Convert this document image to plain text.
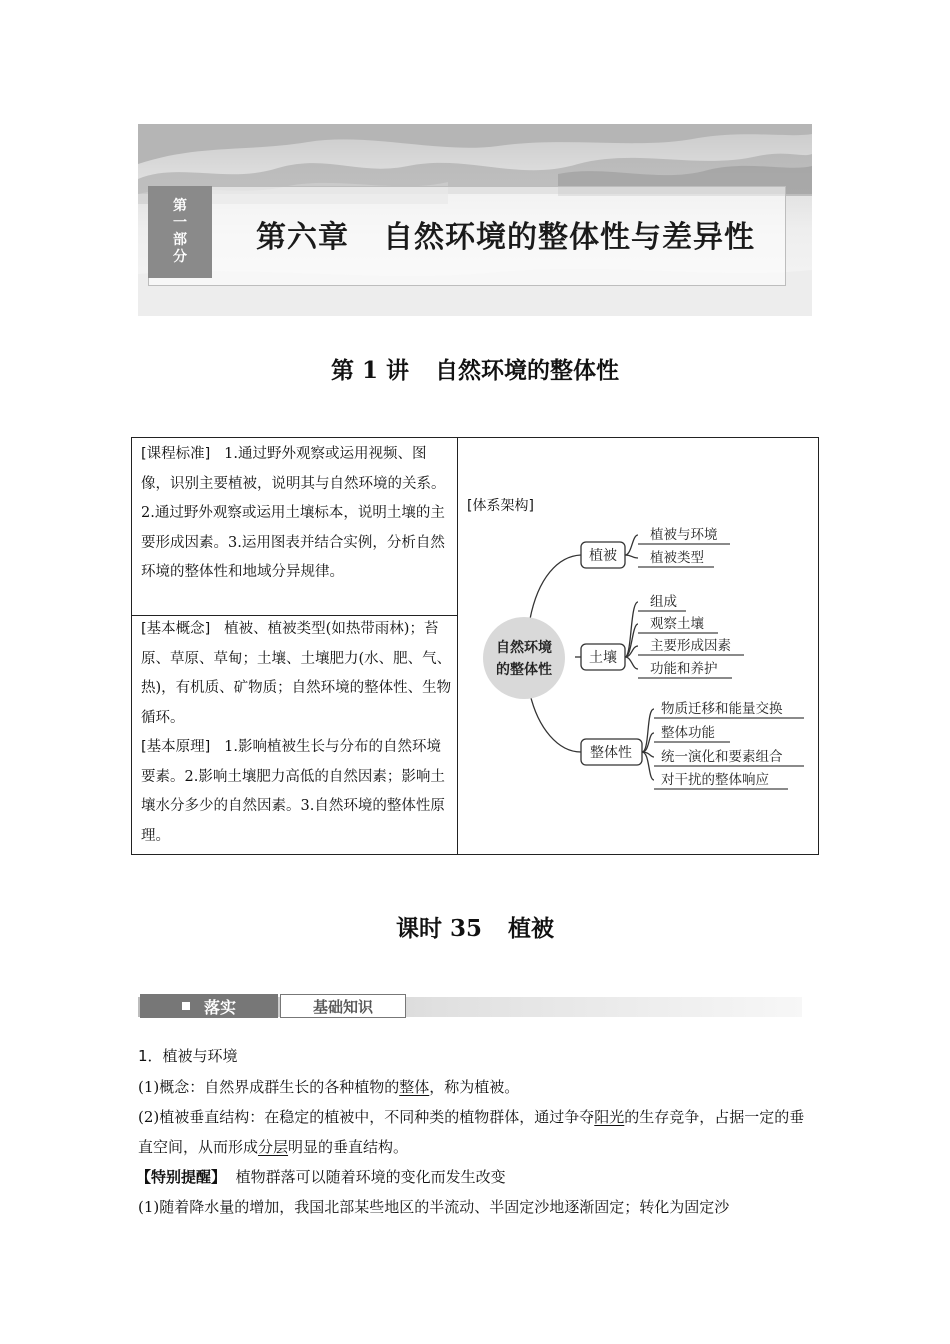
第
一
部
分
第六章 自然环境的整体性与差异性
第 1 讲 自然环境的整体性
[课程标准] 1.通过野外观察或运用视频、图像，识别主要植被，说明其与自然环境的关系。2.通过野外观察或运用土壤标本，说明土壤的主要形成因素。3.运用图表并结合实例，分析自然环境的整体性和地域分异规律。
[基本概念] 植被、植被类型(如热带雨林)；苔原、草原、草甸；土壤、土壤肥力(水、肥、气、热)，有机质、矿物质；自然环境的整体性、生物循环。
[基本原理] 1.影响植被生长与分布的自然环境要素。2.影响土壤肥力高低的自然因素；影响土壤水分多少的自然因素。3.自然环境的整体性原理。
[体系架构]
自然环境
的整体性
植被
土壤
整体性
植被与环境
植被类型
组成
观察土壤
主要形成因素
功能和养护
物质迁移和能量交换
整体功能
统一演化和要素组合
对干扰的整体响应
课时 35 植被
落实	基础知识
1．植被与环境
(1)概念：自然界成群生长的各种植物的整体，称为植被。
(2)植被垂直结构：在稳定的植被中，不同种类的植物群体，通过争夺阳光的生存竞争，占据一定的垂直空间，从而形成分层明显的垂直结构。
【特别提醒】 植物群落可以随着环境的变化而发生改变
(1)随着降水量的增加，我国北部某些地区的半流动、半固定沙地逐渐固定；转化为固定沙
